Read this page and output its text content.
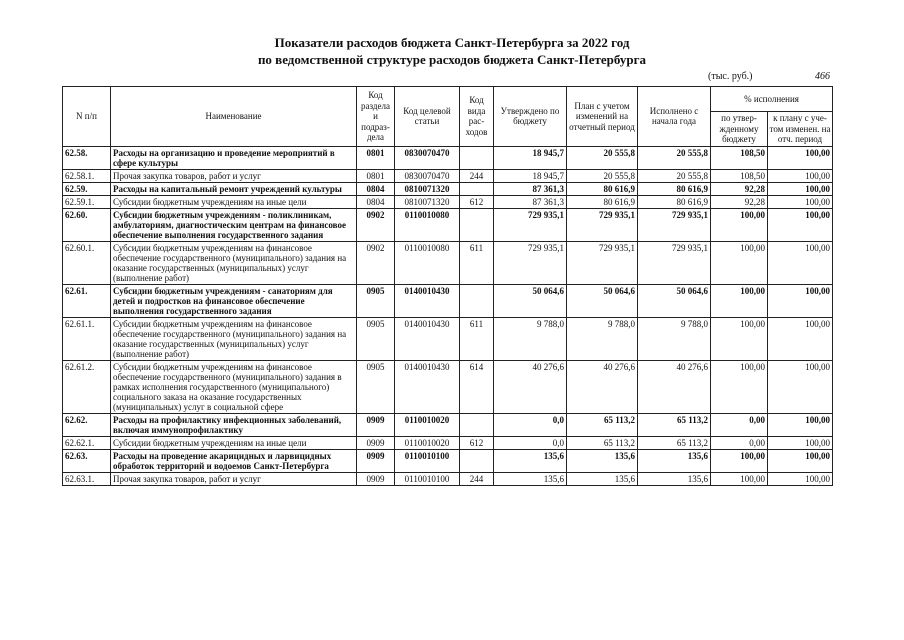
Показатели расходов бюджета Санкт-Петербурга за 2022 год
по ведомственной структуре расходов бюджета Санкт-Петербурга
(тыс. руб.)	466
N п/п	Наименование	Код раздела и подраз-дела	Код целевой статьи	Код вида рас-ходов	Утверждено по бюджету	План с учетом изменений на отчетный период	Исполнено с начала года	% исполнения	
								по утвер-жденному бюджету	к плану с уче-том изменен. на отч. период
62.58.	Расходы на организацию и проведение мероприятий в сфере культуры	0801	0830070470		18 945,7	20 555,8	20 555,8	108,50	100,00
62.58.1.	Прочая закупка товаров, работ и услуг	0801	0830070470	244	18 945,7	20 555,8	20 555,8	108,50	100,00
62.59.	Расходы на капитальный ремонт учреждений культуры	0804	0810071320		87 361,3	80 616,9	80 616,9	92,28	100,00
62.59.1.	Субсидии бюджетным учреждениям на иные цели	0804	0810071320	612	87 361,3	80 616,9	80 616,9	92,28	100,00
62.60.	Субсидии бюджетным учреждениям - поликлиникам, амбулаториям, диагностическим центрам на финансовое обеспечение выполнения государственного задания	0902	0110010080		729 935,1	729 935,1	729 935,1	100,00	100,00
62.60.1.	Субсидии бюджетным учреждениям на финансовое обеспечение государственного (муниципального) задания на оказание государственных (муниципальных) услуг (выполнение работ)	0902	0110010080	611	729 935,1	729 935,1	729 935,1	100,00	100,00
62.61.	Субсидии бюджетным учреждениям - санаториям для детей и подростков на финансовое обеспечение выполнения государственного задания	0905	0140010430		50 064,6	50 064,6	50 064,6	100,00	100,00
62.61.1.	Субсидии бюджетным учреждениям на финансовое обеспечение государственного (муниципального) задания на оказание государственных (муниципальных) услуг (выполнение работ)	0905	0140010430	611	9 788,0	9 788,0	9 788,0	100,00	100,00
62.61.2.	Субсидии бюджетным учреждениям на финансовое обеспечение государственного (муниципального) задания в рамках исполнения государственного (муниципального) социального заказа на оказание государственных (муниципальных) услуг в социальной сфере	0905	0140010430	614	40 276,6	40 276,6	40 276,6	100,00	100,00
62.62.	Расходы на профилактику инфекционных заболеваний, включая иммунопрофилактику	0909	0110010020		0,0	65 113,2	65 113,2	0,00	100,00
62.62.1.	Субсидии бюджетным учреждениям на иные цели	0909	0110010020	612	0,0	65 113,2	65 113,2	0,00	100,00
62.63.	Расходы на проведение акарицидных и ларвицидных обработок территорий и водоемов Санкт-Петербурга	0909	0110010100		135,6	135,6	135,6	100,00	100,00
62.63.1.	Прочая закупка товаров, работ и услуг	0909	0110010100	244	135,6	135,6	135,6	100,00	100,00
